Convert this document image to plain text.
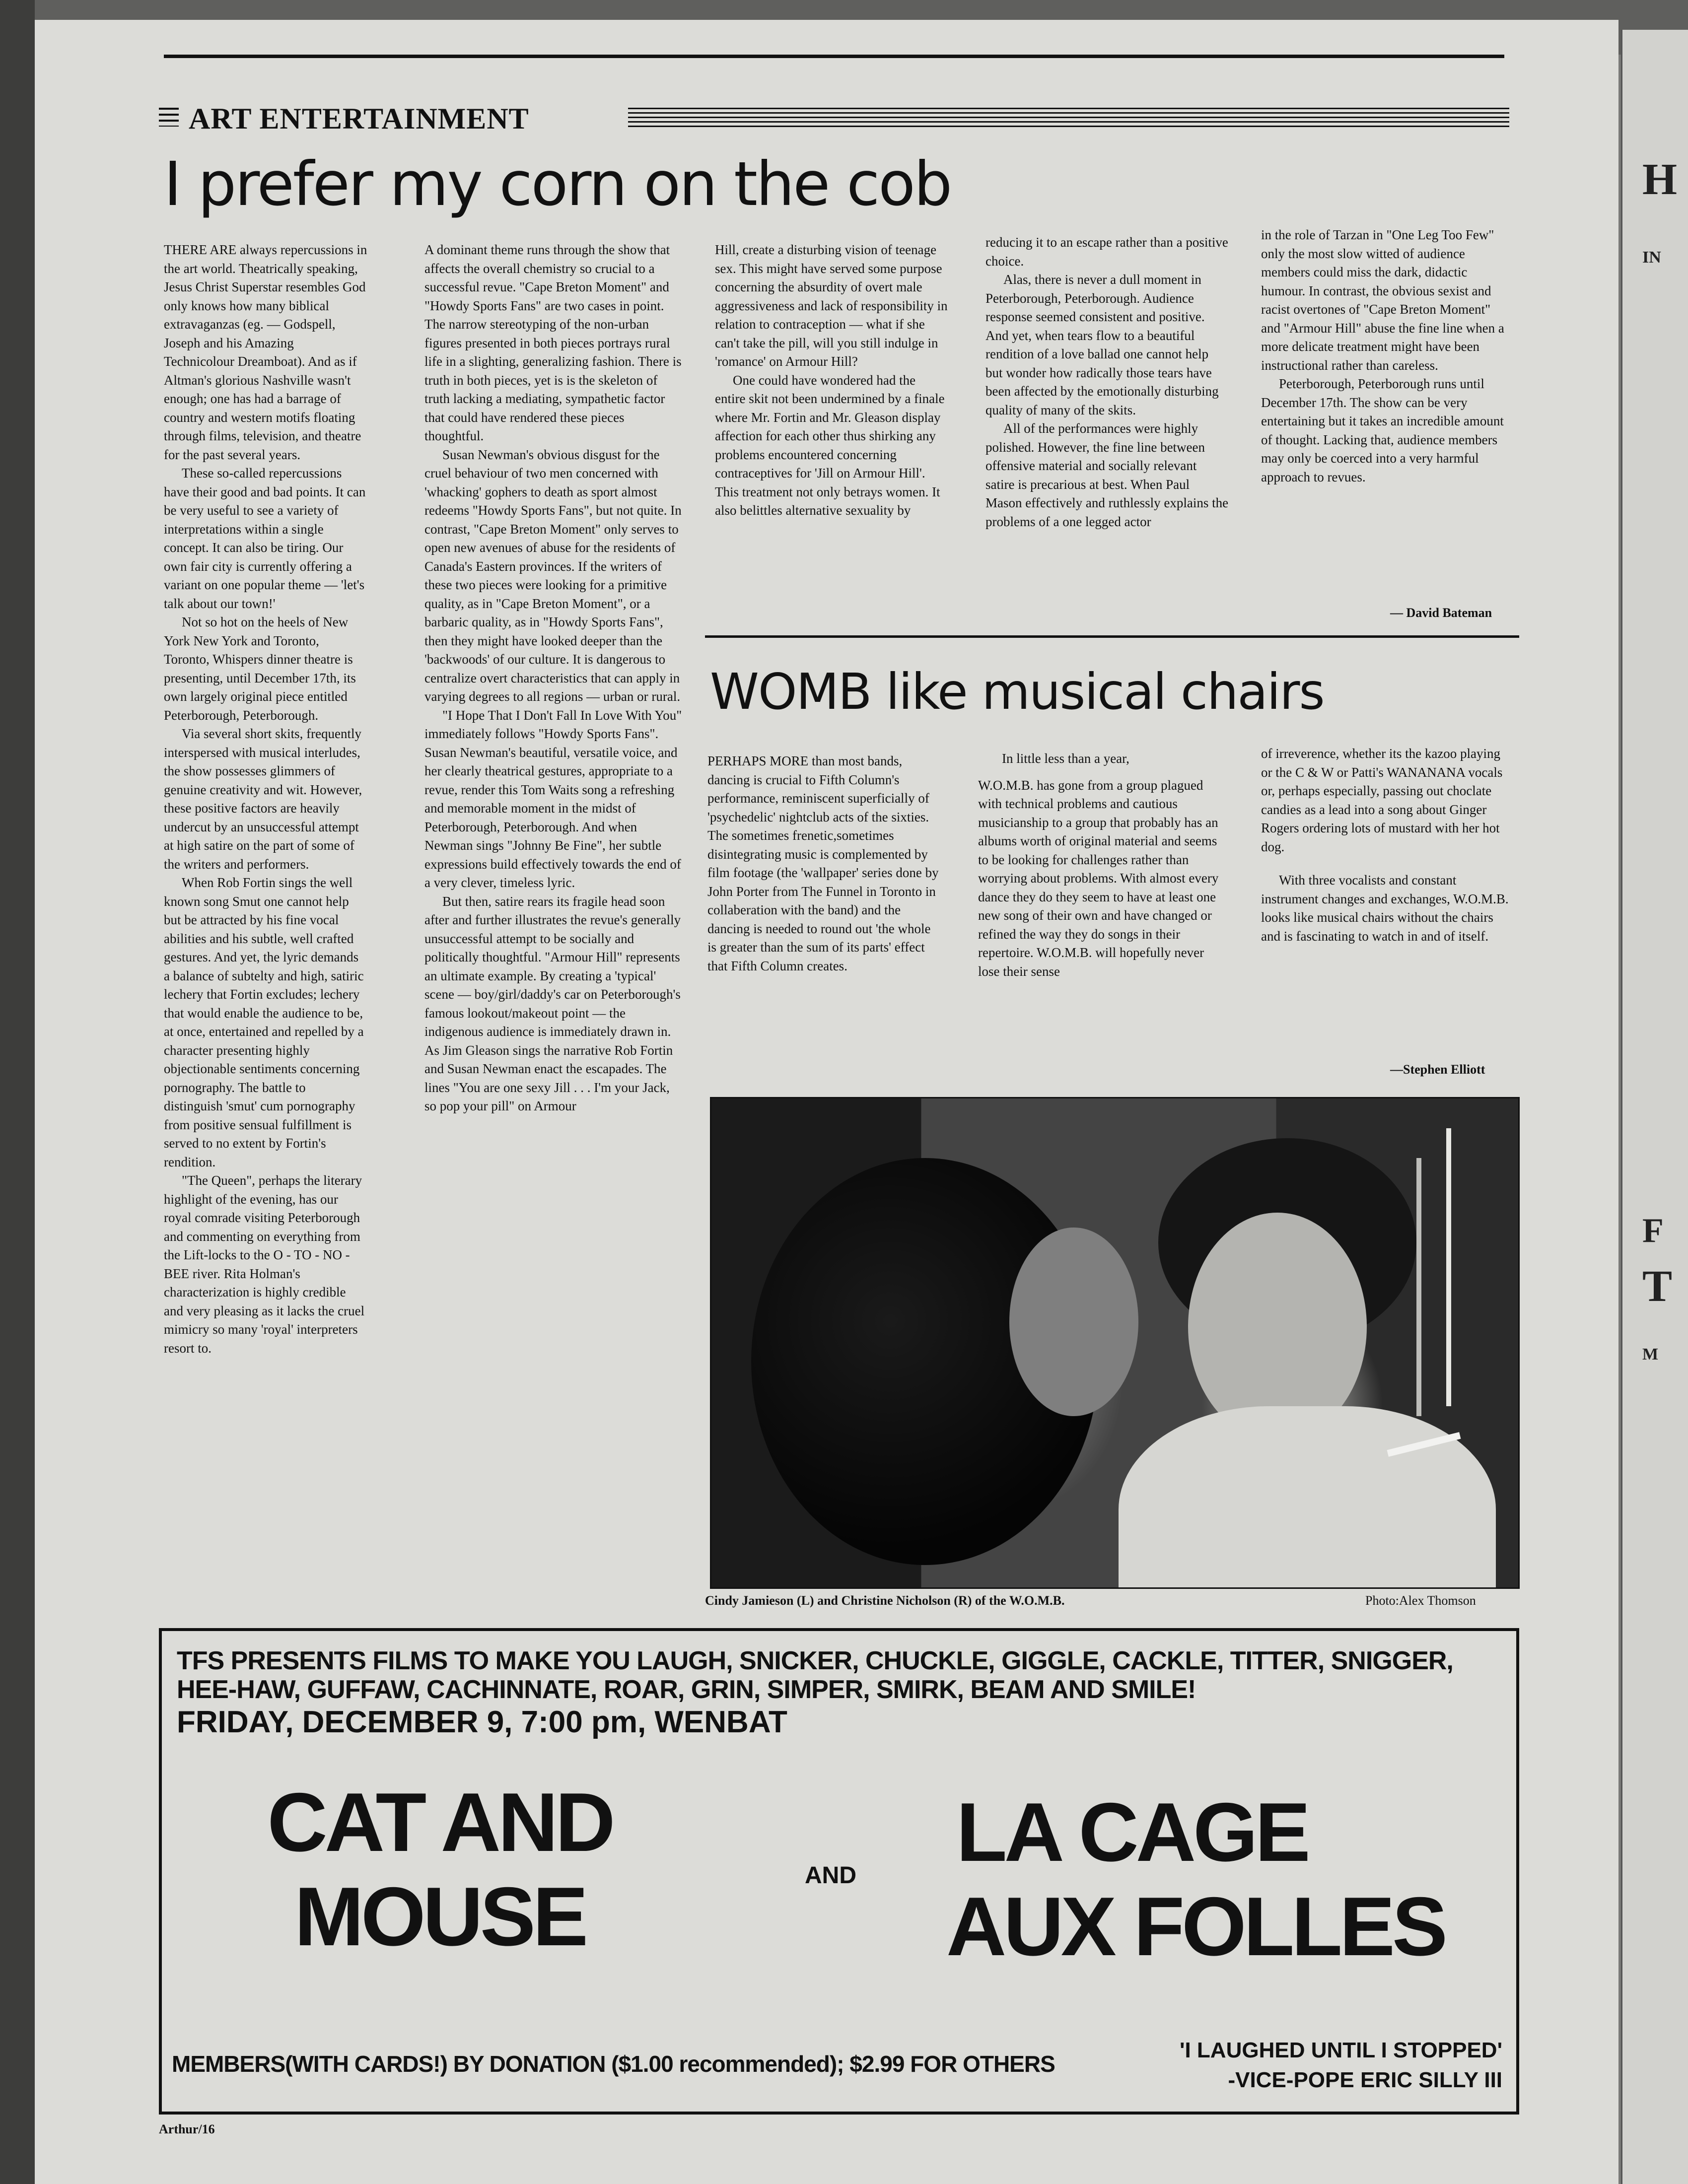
H
IN
F
T
M
ART ENTERTAINMENT
I prefer my corn on the cob

THERE ARE always repercussions in the art world. Theatrically speaking, Jesus Christ Superstar resembles God only knows how many biblical extravaganzas (eg. — Godspell, Joseph and his Amazing Technicolour Dreamboat). And as if Altman's glorious Nashville wasn't enough; one has had a barrage of country and western motifs floating through films, television, and theatre for the past several years.

These so-called repercussions have their good and bad points. It can be very useful to see a variety of interpretations within a single concept. It can also be tiring. Our own fair city is currently offering a variant on one popular theme — 'let's talk about our town!'

Not so hot on the heels of New York New York and Toronto, Toronto, Whispers dinner theatre is presenting, until December 17th, its own largely original piece entitled Peterborough, Peterborough.

Via several short skits, frequently interspersed with musical interludes, the show possesses glimmers of genuine creativity and wit. However, these positive factors are heavily undercut by an unsuccessful attempt at high satire on the part of some of the writers and performers.

When Rob Fortin sings the well known song Smut one cannot help but be attracted by his fine vocal abilities and his subtle, well crafted gestures. And yet, the lyric demands a balance of subtelty and high, satiric lechery that Fortin excludes; lechery that would enable the audience to be, at once, entertained and repelled by a character presenting highly objectionable sentiments concerning pornography. The battle to distinguish 'smut' cum pornography from positive sensual fulfillment is served to no extent by Fortin's rendition.

"The Queen", perhaps the literary highlight of the evening, has our royal comrade visiting Peterborough and commenting on everything from the Lift-locks to the O - TO - NO - BEE river. Rita Holman's characterization is highly credible and very pleasing as it lacks the cruel mimicry so many 'royal' interpreters resort to.

A dominant theme runs through the show that affects the overall chemistry so crucial to a successful revue. "Cape Breton Moment" and "Howdy Sports Fans" are two cases in point. The narrow stereotyping of the non-urban figures presented in both pieces portrays rural life in a slighting, generalizing fashion. There is truth in both pieces, yet is is the skeleton of truth lacking a mediating, sympathetic factor that could have rendered these pieces thoughtful.

Susan Newman's obvious disgust for the cruel behaviour of two men concerned with 'whacking' gophers to death as sport almost redeems "Howdy Sports Fans", but not quite. In contrast, "Cape Breton Moment" only serves to open new avenues of abuse for the residents of Canada's Eastern provinces. If the writers of these two pieces were looking for a primitive quality, as in "Cape Breton Moment", or a barbaric quality, as in "Howdy Sports Fans", then they might have looked deeper than the 'backwoods' of our culture. It is dangerous to centralize overt characteristics that can apply in varying degrees to all regions — urban or rural.

"I Hope That I Don't Fall In Love With You" immediately follows "Howdy Sports Fans". Susan Newman's beautiful, versatile voice, and her clearly theatrical gestures, appropriate to a revue, render this Tom Waits song a refreshing and memorable moment in the midst of Peterborough, Peterborough. And when Newman sings "Johnny Be Fine", her subtle expressions build effectively towards the end of a very clever, timeless lyric.

But then, satire rears its fragile head soon after and further illustrates the revue's generally unsuccessful attempt to be socially and politically thoughtful. "Armour Hill" represents an ultimate example. By creating a 'typical' scene — boy/girl/daddy's car on Peterborough's famous lookout/makeout point — the indigenous audience is immediately drawn in. As Jim Gleason sings the narrative Rob Fortin and Susan Newman enact the escapades. The lines "You are one sexy Jill . . . I'm your Jack, so pop your pill" on Armour

Hill, create a disturbing vision of teenage sex. This might have served some purpose concerning the absurdity of overt male aggressiveness and lack of responsibility in relation to contraception — what if she can't take the pill, will you still indulge in 'romance' on Armour Hill?

One could have wondered had the entire skit not been undermined by a finale where Mr. Fortin and Mr. Gleason display affection for each other thus shirking any problems encountered concerning contraceptives for 'Jill on Armour Hill'. This treatment not only betrays women. It also belittles alternative sexuality by

reducing it to an escape rather than a positive choice.

Alas, there is never a dull moment in Peterborough, Peterborough. Audience response seemed consistent and positive. And yet, when tears flow to a beautiful rendition of a love ballad one cannot help but wonder how radically those tears have been affected by the emotionally disturbing quality of many of the skits.

All of the performances were highly polished. However, the fine line between offensive material and socially relevant satire is precarious at best. When Paul Mason effectively and ruthlessly explains the problems of a one legged actor

in the role of Tarzan in "One Leg Too Few" only the most slow witted of audience members could miss the dark, didactic humour. In contrast, the obvious sexist and racist overtones of "Cape Breton Moment" and "Armour Hill" abuse the fine line when a more delicate treatment might have been instructional rather than careless.

Peterborough, Peterborough runs until December 17th. The show can be very entertaining but it takes an incredible amount of thought. Lacking that, audience members may only be coerced into a very harmful approach to revues.

— David Bateman
WOMB like musical chairs

PERHAPS MORE than most bands, dancing is crucial to Fifth Column's performance, reminiscent superficially of 'psychedelic' nightclub acts of the sixties. The sometimes frenetic,sometimes disintegrating music is complemented by film footage (the 'wallpaper' series done by John Porter from The Funnel in Toronto in collaberation with the band) and the dancing is needed to round out 'the whole is greater than the sum of its parts' effect that Fifth Column creates.

In little less than a year,

W.O.M.B. has gone from a group plagued with technical problems and cautious musicianship to a group that probably has an albums worth of original material and seems to be looking for challenges rather than worrying about problems. With almost every dance they do they seem to have at least one new song of their own and have changed or refined the way they do songs in their repertoire. W.O.M.B. will hopefully never lose their sense

of irreverence, whether its the kazoo playing or the C & W or Patti's WANANANA vocals or, perhaps especially, passing out choclate candies as a lead into a song about Ginger Rogers ordering lots of mustard with her hot dog.

With three vocalists and constant instrument changes and exchanges, W.O.M.B. looks like musical chairs without the chairs and is fascinating to watch in and of itself.

—Stephen Elliott
Cindy Jamieson (L) and Christine Nicholson (R) of the W.O.M.B.	Photo:Alex Thomson
TFS PRESENTS FILMS TO MAKE YOU LAUGH, SNICKER, CHUCKLE, GIGGLE, CACKLE, TITTER, SNIGGER,
HEE-HAW, GUFFAW, CACHINNATE, ROAR, GRIN, SIMPER, SMIRK, BEAM AND SMILE!
FRIDAY, DECEMBER 9, 7:00 pm, WENBAT
CAT AND
MOUSE	AND LA CAGE
AUX FOLLES
MEMBERS(WITH CARDS!) BY DONATION ($1.00 recommended); $2.99 FOR OTHERS
'I LAUGHED UNTIL I STOPPED'
-VICE-POPE ERIC SILLY III
Arthur/16
